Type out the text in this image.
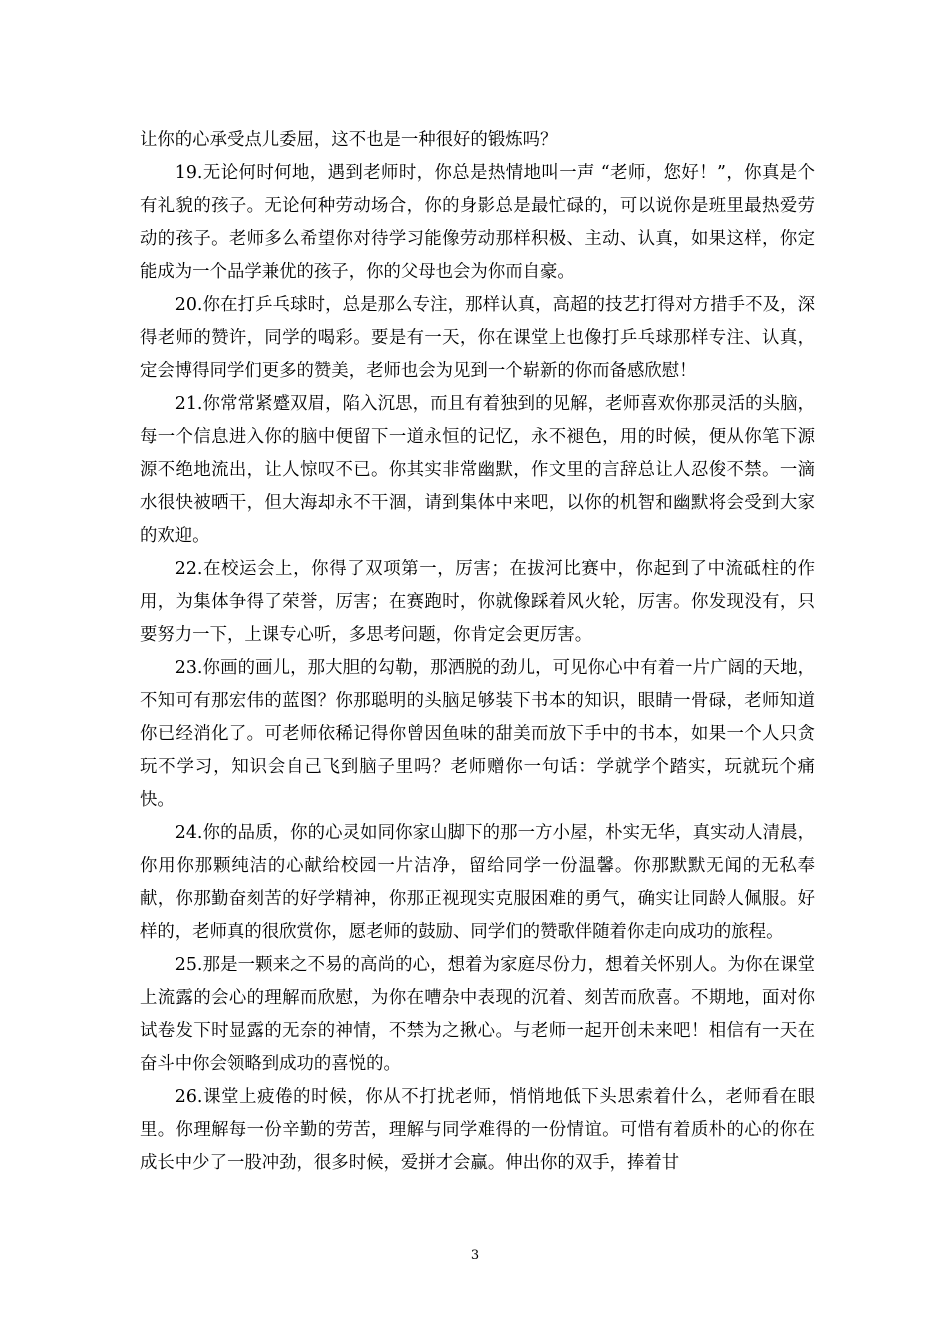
让你的心承受点儿委屈，这不也是一种很好的锻炼吗？

19.无论何时何地，遇到老师时，你总是热情地叫一声 “老师，您好！”，你真是个有礼貌的孩子。无论何种劳动场合，你的身影总是最忙碌的，可以说你是班里最热爱劳动的孩子。老师多么希望你对待学习能像劳动那样积极、主动、认真，如果这样，你定能成为一个品学兼优的孩子，你的父母也会为你而自豪。

20.你在打乒乓球时，总是那么专注，那样认真，高超的技艺打得对方措手不及，深得老师的赞许，同学的喝彩。要是有一天，你在课堂上也像打乒乓球那样专注、认真，定会博得同学们更多的赞美，老师也会为见到一个崭新的你而备感欣慰！

21.你常常紧蹙双眉，陷入沉思，而且有着独到的见解，老师喜欢你那灵活的头脑，每一个信息进入你的脑中便留下一道永恒的记忆，永不褪色，用的时候，便从你笔下源源不绝地流出，让人惊叹不已。你其实非常幽默，作文里的言辞总让人忍俊不禁。一滴水很快被晒干，但大海却永不干涸，请到集体中来吧，以你的机智和幽默将会受到大家的欢迎。

22.在校运会上，你得了双项第一，厉害；在拔河比赛中，你起到了中流砥柱的作用，为集体争得了荣誉，厉害；在赛跑时，你就像踩着风火轮，厉害。你发现没有，只要努力一下，上课专心听，多思考问题，你肯定会更厉害。

23.你画的画儿，那大胆的勾勒，那洒脱的劲儿，可见你心中有着一片广阔的天地，不知可有那宏伟的蓝图？你那聪明的头脑足够装下书本的知识，眼睛一骨碌，老师知道你已经消化了。可老师依稀记得你曾因鱼味的甜美而放下手中的书本，如果一个人只贪玩不学习，知识会自己飞到脑子里吗？老师赠你一句话：学就学个踏实，玩就玩个痛快。

24.你的品质，你的心灵如同你家山脚下的那一方小屋，朴实无华，真实动人清晨，你用你那颗纯洁的心献给校园一片洁净，留给同学一份温馨。你那默默无闻的无私奉献，你那勤奋刻苦的好学精神，你那正视现实克服困难的勇气，确实让同龄人佩服。好样的，老师真的很欣赏你，愿老师的鼓励、同学们的赞歌伴随着你走向成功的旅程。

25.那是一颗来之不易的高尚的心，想着为家庭尽份力，想着关怀别人。为你在课堂上流露的会心的理解而欣慰，为你在嘈杂中表现的沉着、刻苦而欣喜。不期地，面对你试卷发下时显露的无奈的神情，不禁为之揪心。与老师一起开创未来吧！相信有一天在奋斗中你会领略到成功的喜悦的。

26.课堂上疲倦的时候，你从不打扰老师，悄悄地低下头思索着什么，老师看在眼里。你理解每一份辛勤的劳苦，理解与同学难得的一份情谊。可惜有着质朴的心的你在成长中少了一股冲劲，很多时候，爱拼才会赢。伸出你的双手，捧着甘

3
